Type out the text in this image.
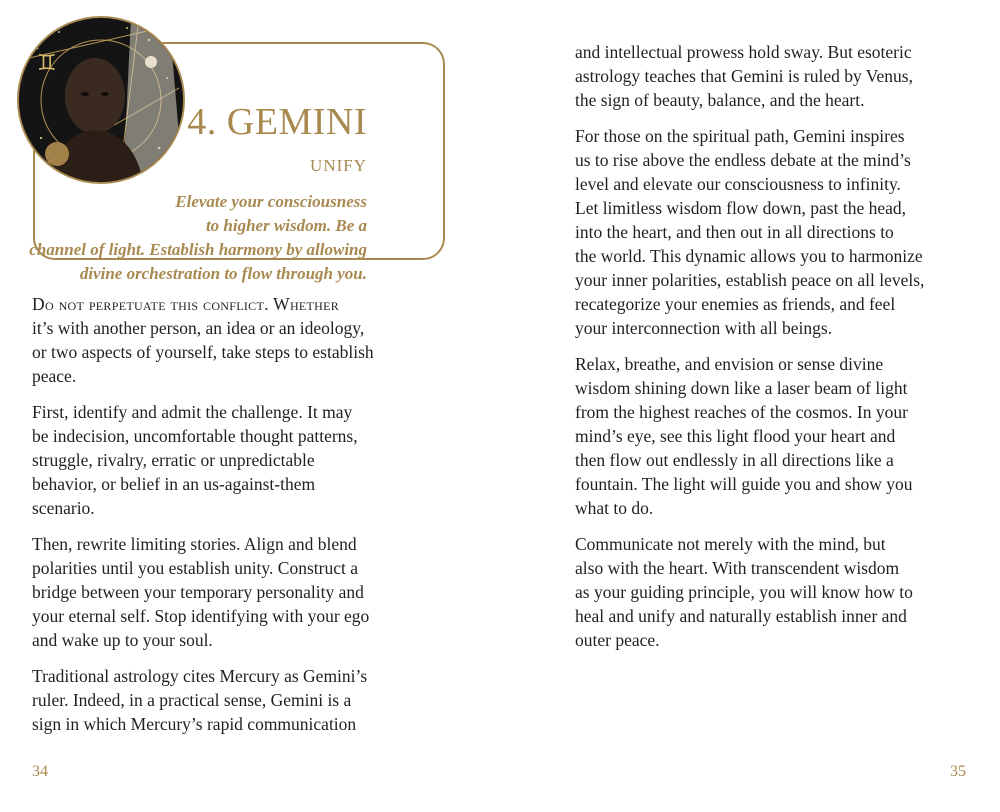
4. GEMINI

UNIFY

Elevate your consciousness
to higher wisdom. Be a
channel of light. Establish harmony by allowing
divine orchestration to flow through you.

♊

Do not perpetuate this conflict. Whether
it’s with another person, an idea or an ideology,
or two aspects of yourself, take steps to establish
peace.

First, identify and admit the challenge. It may
be indecision, uncomfortable thought patterns,
struggle, rivalry, erratic or unpredictable
behavior, or belief in an us-against-them
scenario.

Then, rewrite limiting stories. Align and blend
polarities until you establish unity. Construct a
bridge between your temporary personality and
your eternal self. Stop identifying with your ego
and wake up to your soul.

Traditional astrology cites Mercury as Gemini’s
ruler. Indeed, in a practical sense, Gemini is a
sign in which Mercury’s rapid communication

and intellectual prowess hold sway. But esoteric
astrology teaches that Gemini is ruled by Venus,
the sign of beauty, balance, and the heart.

For those on the spiritual path, Gemini inspires
us to rise above the endless debate at the mind’s
level and elevate our consciousness to infinity.
Let limitless wisdom flow down, past the head,
into the heart, and then out in all directions to
the world. This dynamic allows you to harmonize
your inner polarities, establish peace on all levels,
recategorize your enemies as friends, and feel
your interconnection with all beings.

Relax, breathe, and envision or sense divine
wisdom shining down like a laser beam of light
from the highest reaches of the cosmos. In your
mind’s eye, see this light flood your heart and
then flow out endlessly in all directions like a
fountain. The light will guide you and show you
what to do.

Communicate not merely with the mind, but
also with the heart. With transcendent wisdom
as your guiding principle, you will know how to
heal and unify and naturally establish inner and
outer peace.

34	35
